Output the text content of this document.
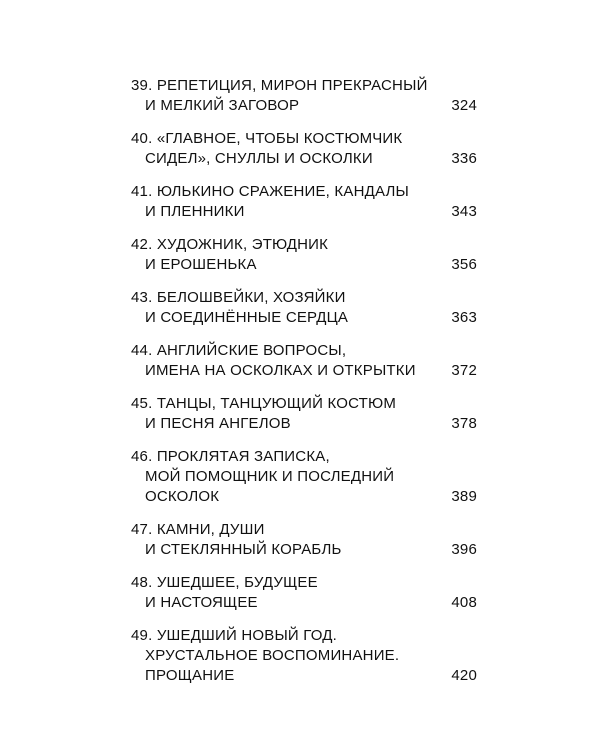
39. РЕПЕТИЦИЯ, МИРОН ПРЕКРАСНЫЙ
И МЕЛКИЙ ЗАГОВОР	324
40. «ГЛАВНОЕ, ЧТОБЫ КОСТЮМЧИК
СИДЕЛ», СНУЛЛЫ И ОСКОЛКИ	336
41. ЮЛЬКИНО СРАЖЕНИЕ, КАНДАЛЫ
И ПЛЕННИКИ	343
42. ХУДОЖНИК, ЭТЮДНИК
И ЕРОШЕНЬКА	356
43. БЕЛОШВЕЙКИ, ХОЗЯЙКИ
И СОЕДИНЁННЫЕ СЕРДЦА	363
44. АНГЛИЙСКИЕ ВОПРОСЫ,
ИМЕНА НА ОСКОЛКАХ И ОТКРЫТКИ	372
45. ТАНЦЫ, ТАНЦУЮЩИЙ КОСТЮМ
И ПЕСНЯ АНГЕЛОВ	378
46. ПРОКЛЯТАЯ ЗАПИСКА,
МОЙ ПОМОЩНИК И ПОСЛЕДНИЙ
ОСКОЛОК	389
47. КАМНИ, ДУШИ
И СТЕКЛЯННЫЙ КОРАБЛЬ	396
48. УШЕДШЕЕ, БУДУЩЕЕ
И НАСТОЯЩЕЕ	408
49. УШЕДШИЙ НОВЫЙ ГОД.
ХРУСТАЛЬНОЕ ВОСПОМИНАНИЕ.
ПРОЩАНИЕ	420
